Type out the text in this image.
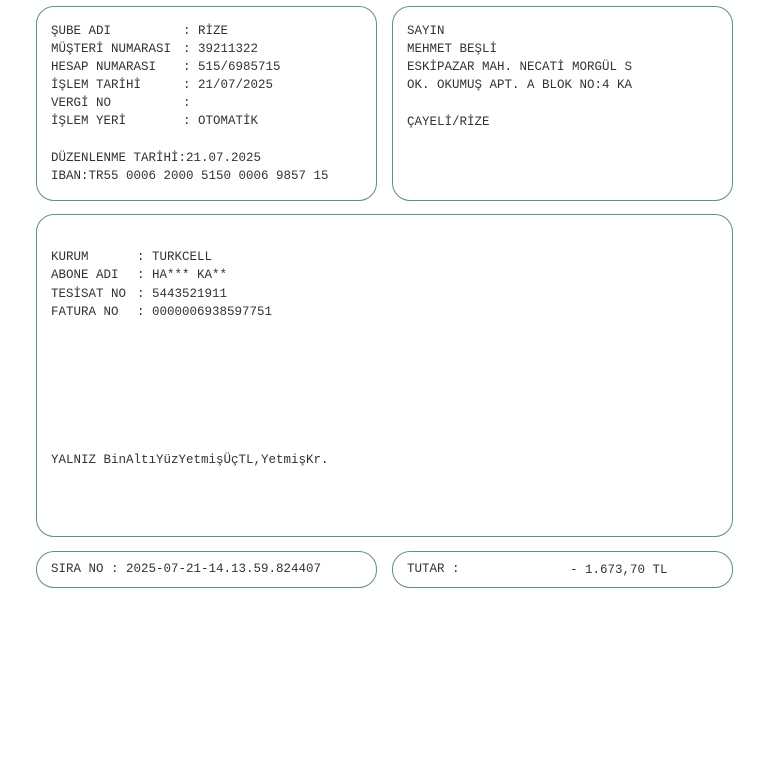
ŞUBE ADI	: RİZE
MÜŞTERİ NUMARASI : 39211322
HESAP NUMARASI : 515/6985715
İŞLEM TARİHİ	: 21/07/2025
VERGİ NO	:
İŞLEM YERİ	: OTOMATİK
DÜZENLENME TARİHİ:21.07.2025
IBAN:TR55 0006 2000 5150 0006 9857 15
SAYIN
MEHMET BEŞLİ
ESKİPAZAR MAH. NECATİ MORGÜL S
OK. OKUMUŞ APT. A BLOK NO:4 KA
ÇAYELİ/RİZE
KURUM	: TURKCELL
ABONE ADI : HA*** KA**
TESİSAT NO : 5443521911
FATURA NO : 0000006938597751
YALNIZ BinAltıYüzYetmişÜçTL,YetmişKr.
SIRA NO : 2025-07-21-14.13.59.824407	TUTAR :	- 1.673,70 TL
